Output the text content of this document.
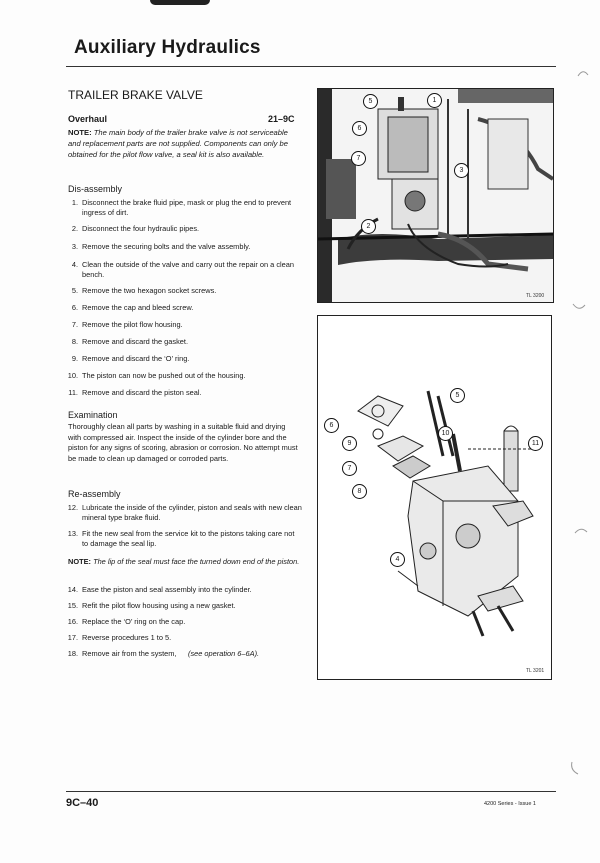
Auxiliary Hydraulics
TRAILER BRAKE VALVE
Overhaul	21–9C
NOTE: The main body of the trailer brake valve is not serviceable and replacement parts are not supplied. Components can only be obtained for the pilot flow valve, a seal kit is also available.
Dis-assembly
1. Disconnect the brake fluid pipe, mask or plug the end to prevent ingress of dirt.
2. Disconnect the four hydraulic pipes.
3. Remove the securing bolts and the valve assembly.
4. Clean the outside of the valve and carry out the repair on a clean bench.
5. Remove the two hexagon socket screws.
6. Remove the cap and bleed screw.
7. Remove the pilot flow housing.
8. Remove and discard the gasket.
9. Remove and discard the ‘O’ ring.
10. The piston can now be pushed out of the housing.
11. Remove and discard the piston seal.
Examination
Thoroughly clean all parts by washing in a suitable fluid and drying with compressed air. Inspect the inside of the cylinder bore and the piston for any signs of scoring, abrasion or corrosion. No attempt must be made to clean up damaged or corroded parts.
Re-assembly
12. Lubricate the inside of the cylinder, piston and seals with new clean mineral type brake fluid.
13. Fit the new seal from the service kit to the pistons taking care not to damage the seal lip.
NOTE: The lip of the seal must face the turned down end of the piston.
14. Ease the piston and seal assembly into the cylinder.
15. Refit the pilot flow housing using a new gasket.
16. Replace the ‘O’ ring on the cap.
17. Reverse procedures 1 to 5.
18. Remove air from the system,	(see operation 6–6A).
5	1
6
7
3
2
TL 3200
5
6
9
10
11
7
8
4
TL 3201
9C–40	4200 Series - Issue 1
